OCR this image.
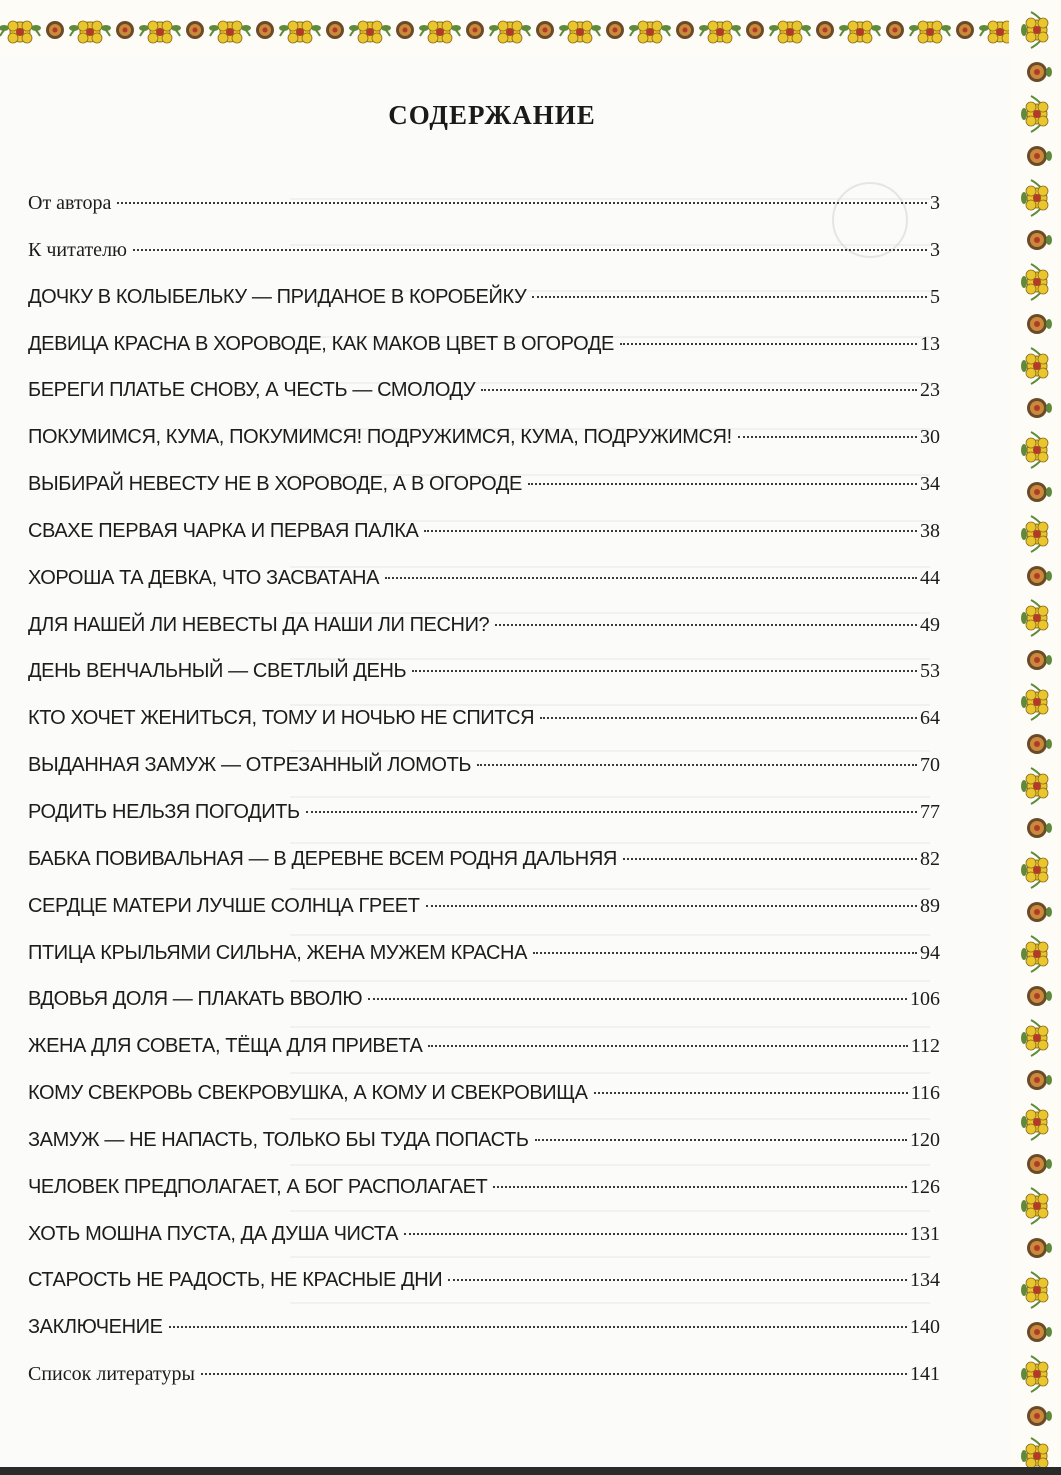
СОДЕРЖАНИЕ
От автора	3
К читателю	3
ДОЧКУ В КОЛЫБЕЛЬКУ — ПРИДАНОЕ В КОРОБЕЙКУ	5
ДЕВИЦА КРАСНА В ХОРОВОДЕ, КАК МАКОВ ЦВЕТ В ОГОРОДЕ	13
БЕРЕГИ ПЛАТЬЕ СНОВУ, А ЧЕСТЬ — СМОЛОДУ	23
ПОКУМИМСЯ, КУМА, ПОКУМИМСЯ! ПОДРУЖИМСЯ, КУМА, ПОДРУЖИМСЯ!	30
ВЫБИРАЙ НЕВЕСТУ НЕ В ХОРОВОДЕ, А В ОГОРОДЕ	34
СВАХЕ ПЕРВАЯ ЧАРКА И ПЕРВАЯ ПАЛКА	38
ХОРОША ТА ДЕВКА, ЧТО ЗАСВАТАНА	44
ДЛЯ НАШЕЙ ЛИ НЕВЕСТЫ ДА НАШИ ЛИ ПЕСНИ?	49
ДЕНЬ ВЕНЧАЛЬНЫЙ — СВЕТЛЫЙ ДЕНЬ	53
КТО ХОЧЕТ ЖЕНИТЬСЯ, ТОМУ И НОЧЬЮ НЕ СПИТСЯ	64
ВЫДАННАЯ ЗАМУЖ — ОТРЕЗАННЫЙ ЛОМОТЬ	70
РОДИТЬ НЕЛЬЗЯ ПОГОДИТЬ	77
БАБКА ПОВИВАЛЬНАЯ — В ДЕРЕВНЕ ВСЕМ РОДНЯ ДАЛЬНЯЯ	82
СЕРДЦЕ МАТЕРИ ЛУЧШЕ СОЛНЦА ГРЕЕТ	89
ПТИЦА КРЫЛЬЯМИ СИЛЬНА, ЖЕНА МУЖЕМ КРАСНА	94
ВДОВЬЯ ДОЛЯ — ПЛАКАТЬ ВВОЛЮ	106
ЖЕНА ДЛЯ СОВЕТА, ТЁЩА ДЛЯ ПРИВЕТА	112
КОМУ СВЕКРОВЬ СВЕКРОВУШКА, А КОМУ И СВЕКРОВИЩА	116
ЗАМУЖ — НЕ НАПАСТЬ, ТОЛЬКО БЫ ТУДА ПОПАСТЬ	120
ЧЕЛОВЕК ПРЕДПОЛАГАЕТ, А БОГ РАСПОЛАГАЕТ	126
ХОТЬ МОШНА ПУСТА, ДА ДУША ЧИСТА	131
СТАРОСТЬ НЕ РАДОСТЬ, НЕ КРАСНЫЕ ДНИ	134
ЗАКЛЮЧЕНИЕ	140
Список литературы	141
